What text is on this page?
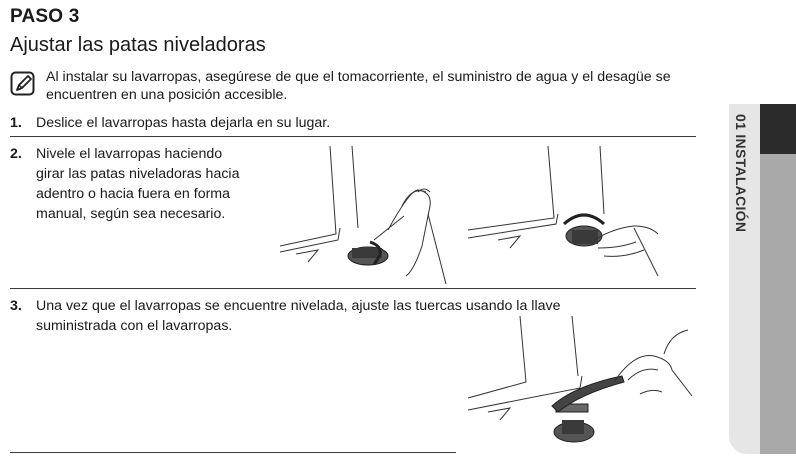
PASO 3
Ajustar las patas niveladoras
Al instalar su lavarropas, asegúrese de que el tomacorriente, el suministro de agua y el desagüe se encuentren en una posición accesible.
1. Deslice el lavarropas hasta dejarla en su lugar.
2. Nivele el lavarropas haciendo
girar las patas niveladoras hacia
adentro o hacia fuera en forma
manual, según sea necesario.
3. Una vez que el lavarropas se encuentre nivelada, ajuste las tuercas usando la llave
suministrada con el lavarropas.
01 INSTALACIÓN
